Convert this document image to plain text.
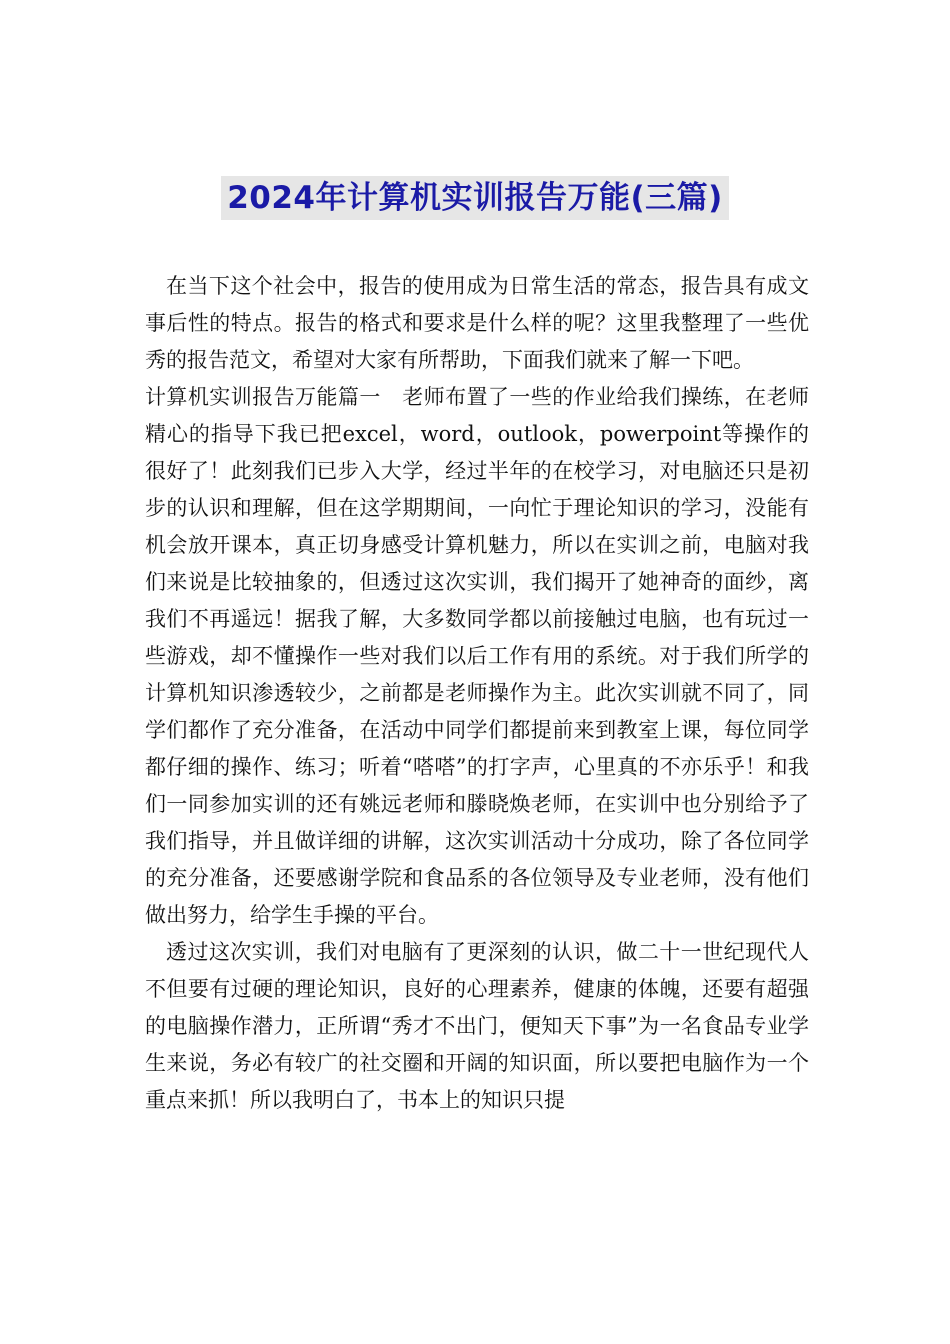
2024年计算机实训报告万能(三篇)

在当下这个社会中，报告的使用成为日常生活的常态，报告具有成文事后性的特点。报告的格式和要求是什么样的呢？这里我整理了一些优秀的报告范文，希望对大家有所帮助，下面我们就来了解一下吧。

计算机实训报告万能篇一　老师布置了一些的作业给我们操练，在老师精心的指导下我已把excel，word，outlook，powerpoint等操作的很好了！此刻我们已步入大学，经过半年的在校学习，对电脑还只是初步的认识和理解，但在这学期期间，一向忙于理论知识的学习，没能有机会放开课本，真正切身感受计算机魅力，所以在实训之前，电脑对我们来说是比较抽象的，但透过这次实训，我们揭开了她神奇的面纱，离我们不再遥远！据我了解，大多数同学都以前接触过电脑，也有玩过一些游戏，却不懂操作一些对我们以后工作有用的系统。对于我们所学的计算机知识渗透较少，之前都是老师操作为主。此次实训就不同了，同学们都作了充分准备，在活动中同学们都提前来到教室上课，每位同学都仔细的操作、练习；听着“嗒嗒”的打字声，心里真的不亦乐乎！和我们一同参加实训的还有姚远老师和滕晓焕老师，在实训中也分别给予了我们指导，并且做详细的讲解，这次实训活动十分成功，除了各位同学的充分准备，还要感谢学院和食品系的各位领导及专业老师，没有他们做出努力，给学生手操的平台。

透过这次实训，我们对电脑有了更深刻的认识，做二十一世纪现代人不但要有过硬的理论知识，良好的心理素养，健康的体魄，还要有超强的电脑操作潜力，正所谓“秀才不出门，便知天下事”为一名食品专业学生来说，务必有较广的社交圈和开阔的知识面，所以要把电脑作为一个重点来抓！所以我明白了，书本上的知识只提
